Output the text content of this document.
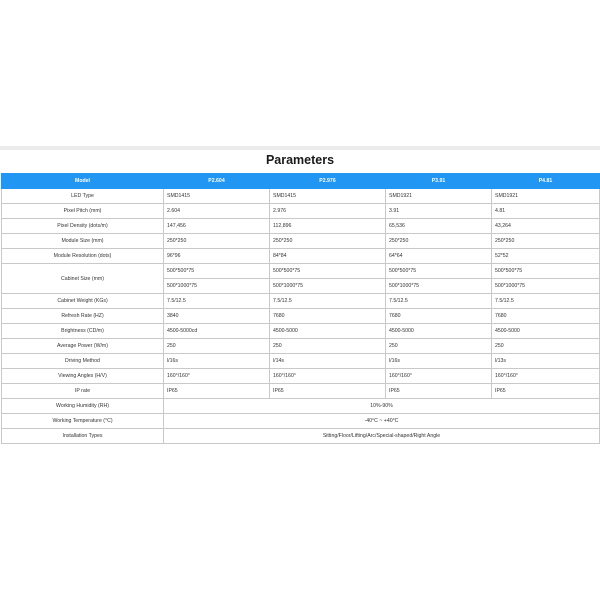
Parameters
Model	P2.604	P2.976	P3.91	P4.81
LED Type	SMD1415	SMD1415	SMD1921	SMD1921
Pixel Pitch (mm)	2.604	2.976	3.91	4.81
Pixel Density (dots/m)	147,456	112,896	65,536	43,264
Module Size (mm)	250*250	250*250	250*250	250*250
Module Resolution (dots)	96*96	84*84	64*64	52*52
Cabinet Size (mm)	500*500*75	500*500*75	500*500*75	500*500*75
	500*1000*75	500*1000*75	500*1000*75	500*1000*75
Cabinet Weight (KGs)	7.5/12.5	7.5/12.5	7.5/12.5	7.5/12.5
Refresh Rate (HZ)	3840	7680	7680	7680
Brightness (CD/m)	4500-5000cd	4500-5000	4500-5000	4500-5000
Average Power (W/m)	250	250	250	250
Driving Method	l/16s	l/14s	l/16s	l/13s
Viewing Angles (H/V)	160°/160°	160°/160°	160°/160°	160°/160°
IP rate	IP65	IP65	IP65	IP65
Working Humidity (RH)	10%-90%			
Working Temperature (°C)	-40°C ~ +40°C			
Installation Types	Sitting/Floor/Lifting/Arc/Special-shaped/Right Angle			
